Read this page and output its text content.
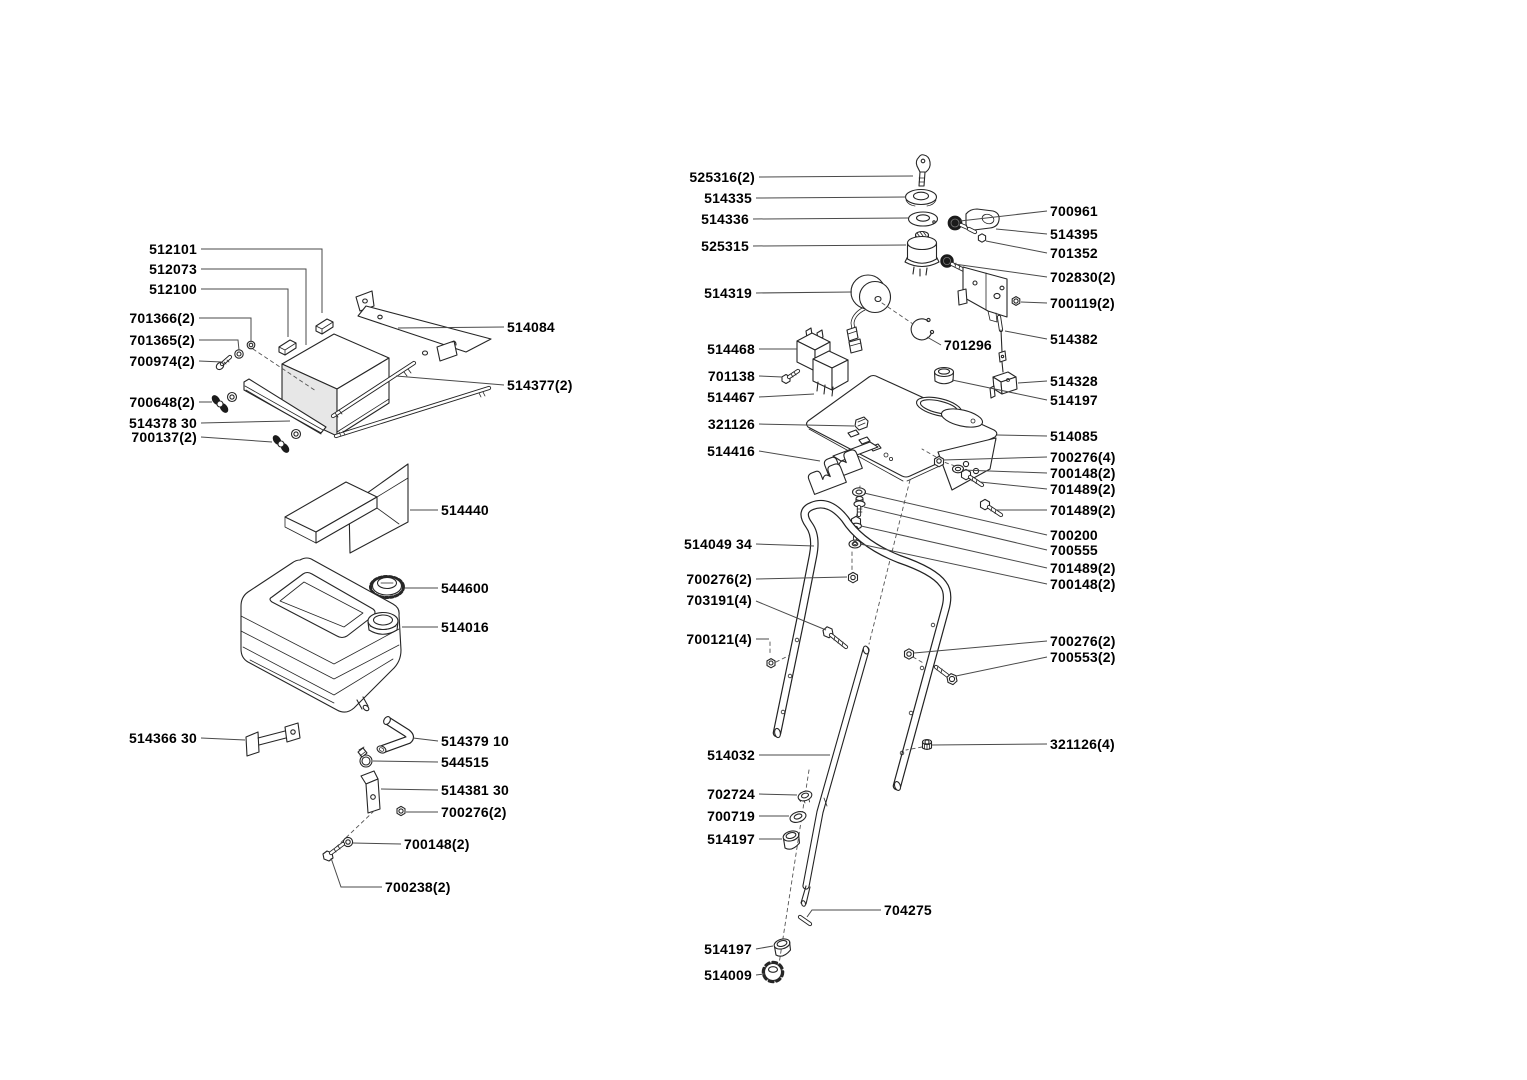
512101
512073
512100
701366(2)
701365(2)
700974(2)
514084
514377(2)
700648(2)
514378 30
700137(2)
514440
544600
514016
514366 30	514379 10
544515
514381 30
700276(2)
700148(2)
700238(2)
525316(2)
514335
514336
525315
514319
514468
701138
514467
321126
514416
514049 34
700276(2)
703191(4)
700121(4)
514032
702724
700719
514197
514197
514009
700961
514395
701352
702830(2)
700119(2)
514382
701296
514328
514197
514085
700276(4)
700148(2)
701489(2)
701489(2)
700200
700555
701489(2)
700148(2)
700276(2)
700553(2)
321126(4)
704275
